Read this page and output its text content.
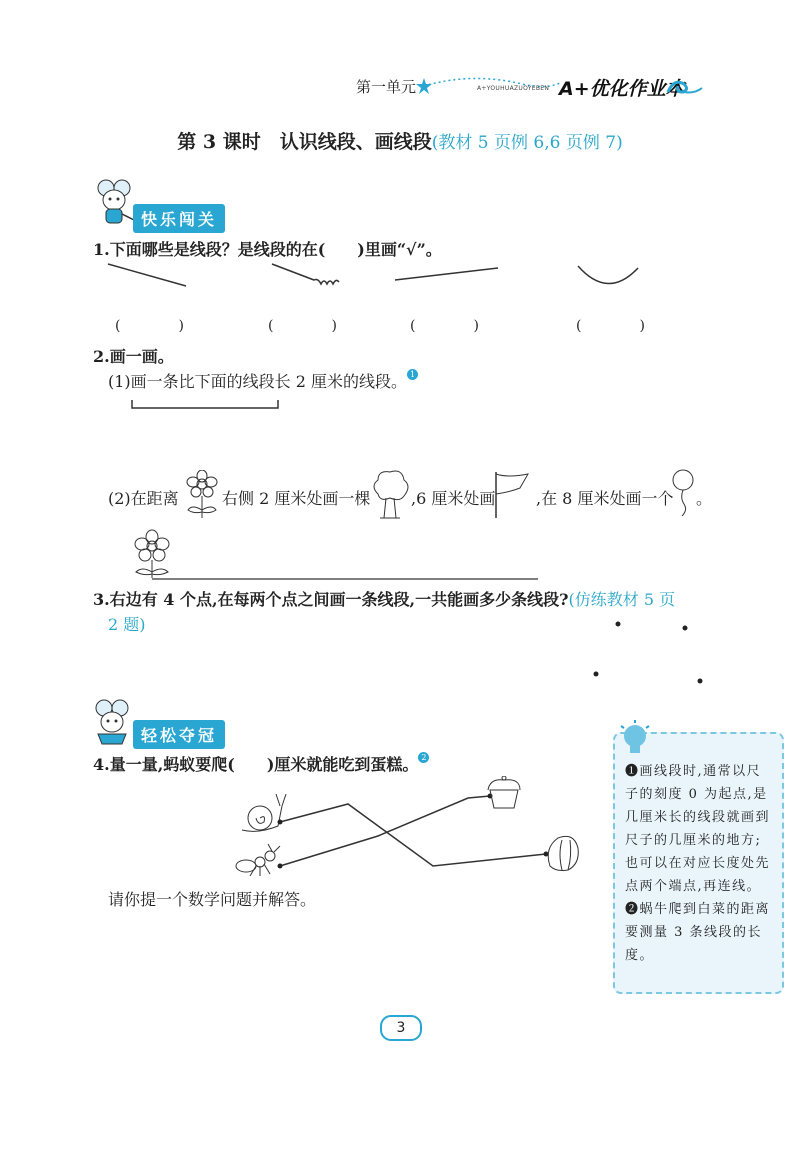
第一单元	A+YOUHUAZUOYEBEN A+优化作业本
第 3 课时　认识线段、画线段(教材 5 页例 6,6 页例 7)
快乐闯关
1.下面哪些是线段？是线段的在(　　)里画“√”。
(	)	(	)	(	)	(	)
2.画一画。
(1)画一条比下面的线段长 2 厘米的线段。 $^1$
(2)在距离	右侧 2 厘米处画一棵	,6 厘米处画	,在 8 厘米处画一个 。
3.右边有 4 个点,在每两个点之间画一条线段,一共能画多少条线段?(仿练教材 5 页
2 题)
轻松夺冠
4.量一量,蚂蚁要爬( )厘米就能吃到蛋糕。 $^2$
请你提一个数学问题并解答。
❶画线段时,通常以尺子的刻度 0 为起点,是几厘米长的线段就画到尺子的几厘米的地方;也可以在对应长度处先点两个端点,再连线。
❷蜗牛爬到白菜的距离要测量 3 条线段的长度。
3
